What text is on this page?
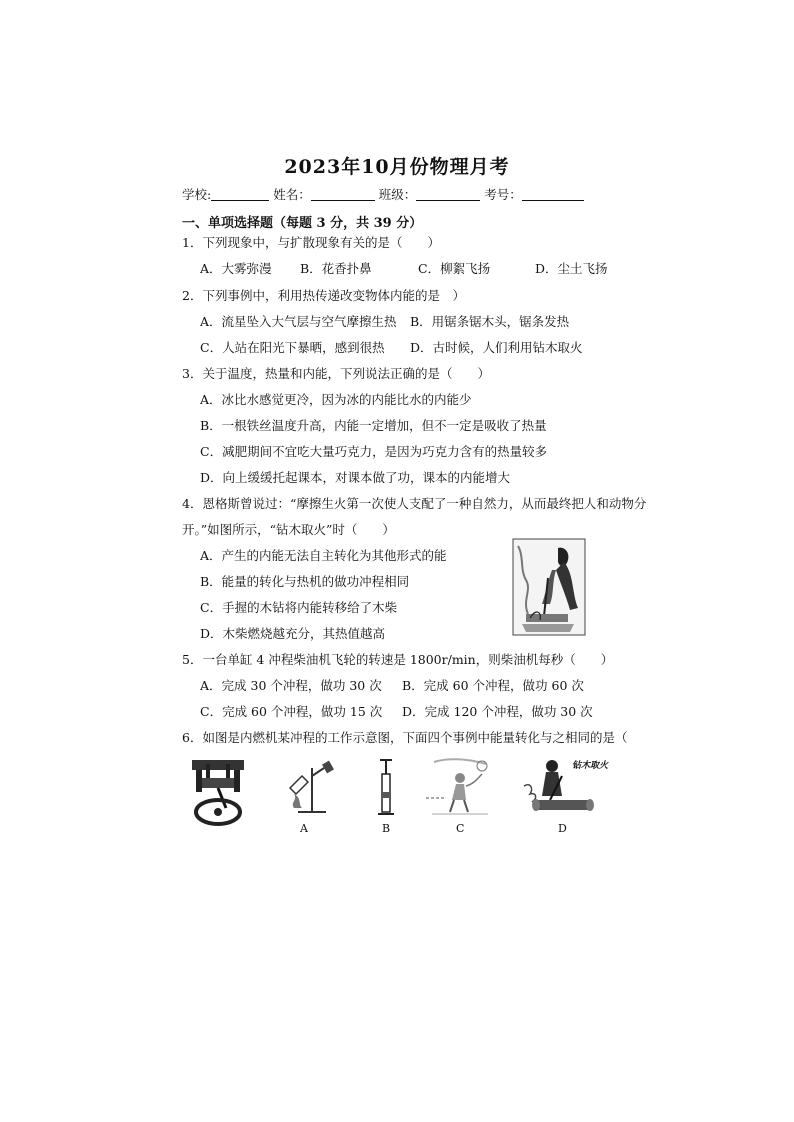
2023年10月份物理月考
学校:	姓名：	班级：	考号：
一、单项选择题（每题 3 分，共 39 分）
1．下列现象中，与扩散现象有关的是（　　）
A．大雾弥漫 B．花香扑鼻	C．柳絮飞扬	D．尘土飞扬
2．下列事例中，利用热传递改变物体内能的是　）
A．流星坠入大气层与空气摩擦生热 B．用锯条锯木头，锯条发热
C．人站在阳光下暴晒，感到很热 D．古时候，人们利用钻木取火
3．关于温度，热量和内能，下列说法正确的是（　　）
A．冰比水感觉更冷，因为冰的内能比水的内能少
B．一根铁丝温度升高，内能一定增加，但不一定是吸收了热量
C．减肥期间不宜吃大量巧克力，是因为巧克力含有的热量较多
D．向上缓缓托起课本，对课本做了功，课本的内能增大
4．恩格斯曾说过：“摩擦生火第一次使人支配了一种自然力，从而最终把人和动物分
开。”如图所示，“钻木取火”时（　　）
A．产生的内能无法自主转化为其他形式的能
B．能量的转化与热机的做功冲程相同
C．手握的木钻将内能转移给了木柴
D．木柴燃烧越充分，其热值越高
5．一台单缸 4 冲程柴油机飞轮的转速是 1800r/min，则柴油机每秒（　　）
A．完成 30 个冲程，做功 30 次 B．完成 60 个冲程，做功 60 次
C．完成 60 个冲程，做功 15 次 D．完成 120 个冲程，做功 30 次
6．如图是内燃机某冲程的工作示意图，下面四个事例中能量转化与之相同的是（
A	B	C
钻木取火
D
